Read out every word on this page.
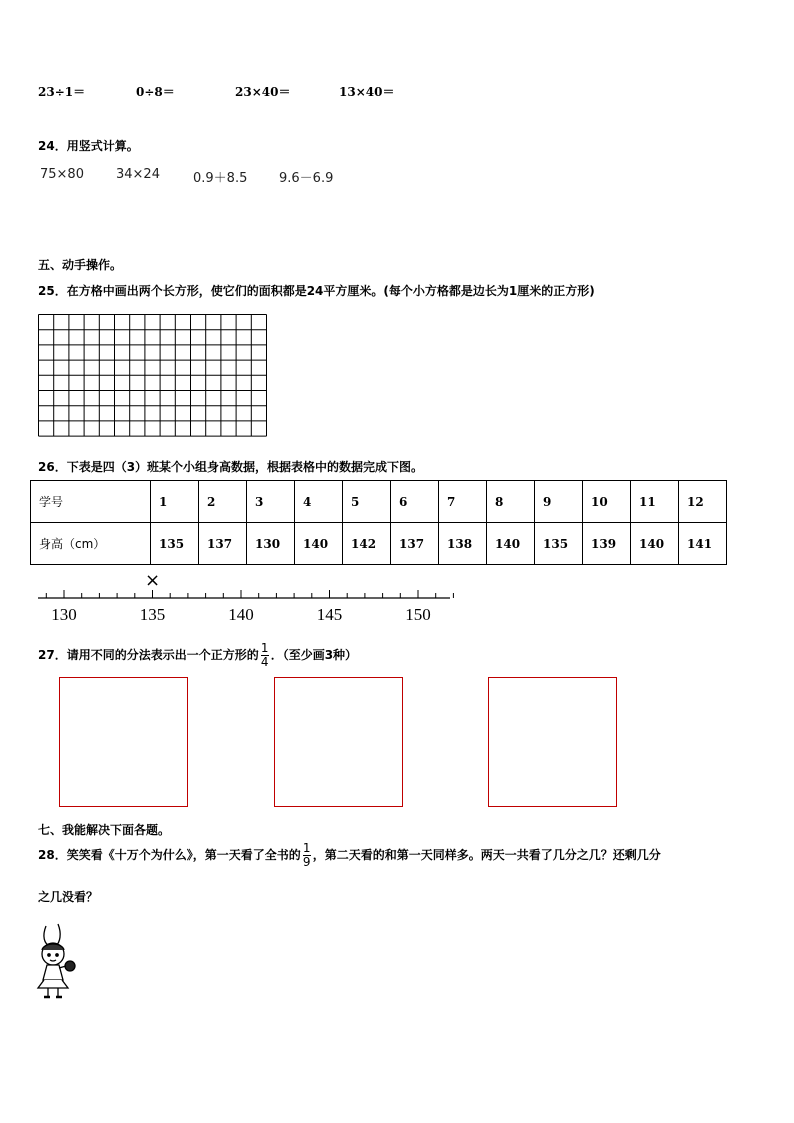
23÷1＝	0÷8＝	23×40＝	13×40＝
24．用竖式计算。
75×80 34×24	0.9＋8.5 9.6－6.9
五、动手操作。
25．在方格中画出两个长方形，使它们的面积都是24平方厘米。(每个小方格都是边长为1厘米的正方形)
26．下表是四（3）班某个小组身高数据，根据表格中的数据完成下图。
学号	1	2	3	4	5	6	7	8	9	10	11	12
身高（cm）	135	137	130	140	142	137	138	140	135	139	140	141
130	135	140	145	150
×
27．请用不同的分法表示出一个正方形的 $\frac{1}{4}$ ．（至少画3种）
七、我能解决下面各题。
28．笑笑看《十万个为什么》，第一天看了全书的 $\frac{1}{9}$ ，第二天看的和第一天同样多。两天一共看了几分之几？还剩几分
之几没看？
